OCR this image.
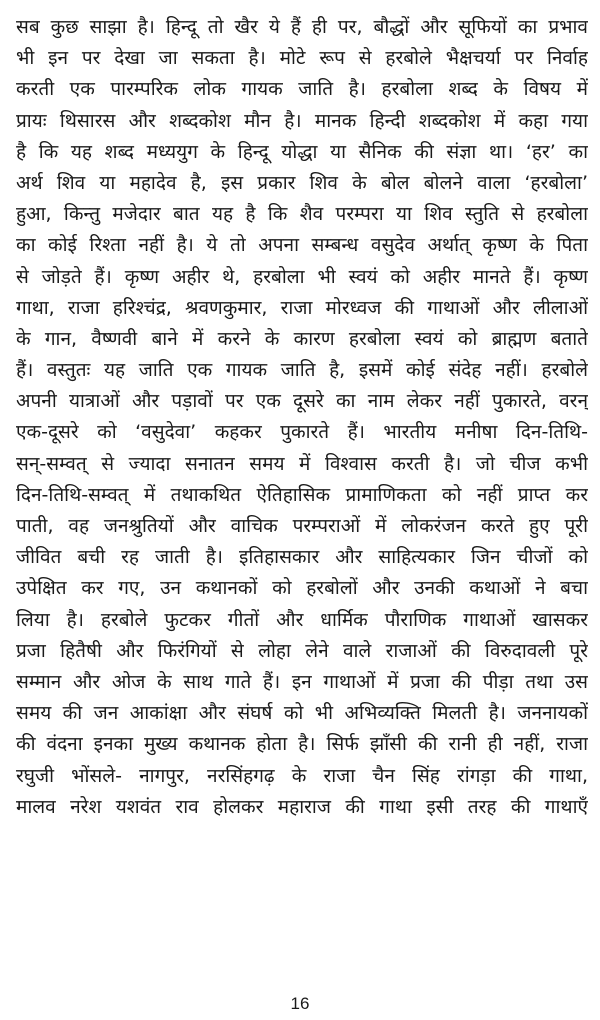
सब कुछ साझा है। हिन्दू तो खैर ये हैं ही पर, बौद्धों और सूफियों का प्रभाव
भी इन पर देखा जा सकता है। मोटे रूप से हरबोले भैक्षचर्या पर निर्वाह
करती एक पारम्परिक लोक गायक जाति है। हरबोला शब्द के विषय में
प्रायः थिसारस और शब्दकोश मौन है। मानक हिन्दी शब्दकोश में कहा गया
है कि यह शब्द मध्ययुग के हिन्दू योद्धा या सैनिक की संज्ञा था। ‘हर’ का
अर्थ शिव या महादेव है, इस प्रकार शिव के बोल बोलने वाला ‘हरबोला’
हुआ, किन्तु मजेदार बात यह है कि शैव परम्परा या शिव स्तुति से हरबोला
का कोई रिश्ता नहीं है। ये तो अपना सम्बन्ध वसुदेव अर्थात् कृष्ण के पिता
से जोड़ते हैं। कृष्ण अहीर थे, हरबोला भी स्वयं को अहीर मानते हैं। कृष्ण
गाथा, राजा हरिश्चंद्र, श्रवणकुमार, राजा मोरध्वज की गाथाओं और लीलाओं
के गान, वैष्णवी बाने में करने के कारण हरबोला स्वयं को ब्राह्मण बताते
हैं। वस्तुतः यह जाति एक गायक जाति है, इसमें कोई संदेह नहीं। हरबोले
अपनी यात्राओं और पड़ावों पर एक दूसरे का नाम लेकर नहीं पुकारते, वरन्
एक-दूसरे को ‘वसुदेवा’ कहकर पुकारते हैं। भारतीय मनीषा दिन-तिथि-
सन्-सम्वत् से ज्यादा सनातन समय में विश्वास करती है। जो चीज कभी
दिन-तिथि-सम्वत् में तथाकथित ऐतिहासिक प्रामाणिकता को नहीं प्राप्त कर
पाती, वह जनश्रुतियों और वाचिक परम्पराओं में लोकरंजन करते हुए पूरी
जीवित बची रह जाती है। इतिहासकार और साहित्यकार जिन चीजों को
उपेक्षित कर गए, उन कथानकों को हरबोलों और उनकी कथाओं ने बचा
लिया है। हरबोले फुटकर गीतों और धार्मिक पौराणिक गाथाओं खासकर
प्रजा हितैषी और फिरंगियों से लोहा लेने वाले राजाओं की विरुदावली पूरे
सम्मान और ओज के साथ गाते हैं। इन गाथाओं में प्रजा की पीड़ा तथा उस
समय की जन आकांक्षा और संघर्ष को भी अभिव्यक्ति मिलती है। जननायकों
की वंदना इनका मुख्य कथानक होता है। सिर्फ झाँसी की रानी ही नहीं, राजा
रघुजी भोंसले- नागपुर, नरसिंहगढ़ के राजा चैन सिंह रांगड़ा की गाथा,
मालव नरेश यशवंत राव होलकर महाराज की गाथा इसी तरह की गाथाएँ
16
